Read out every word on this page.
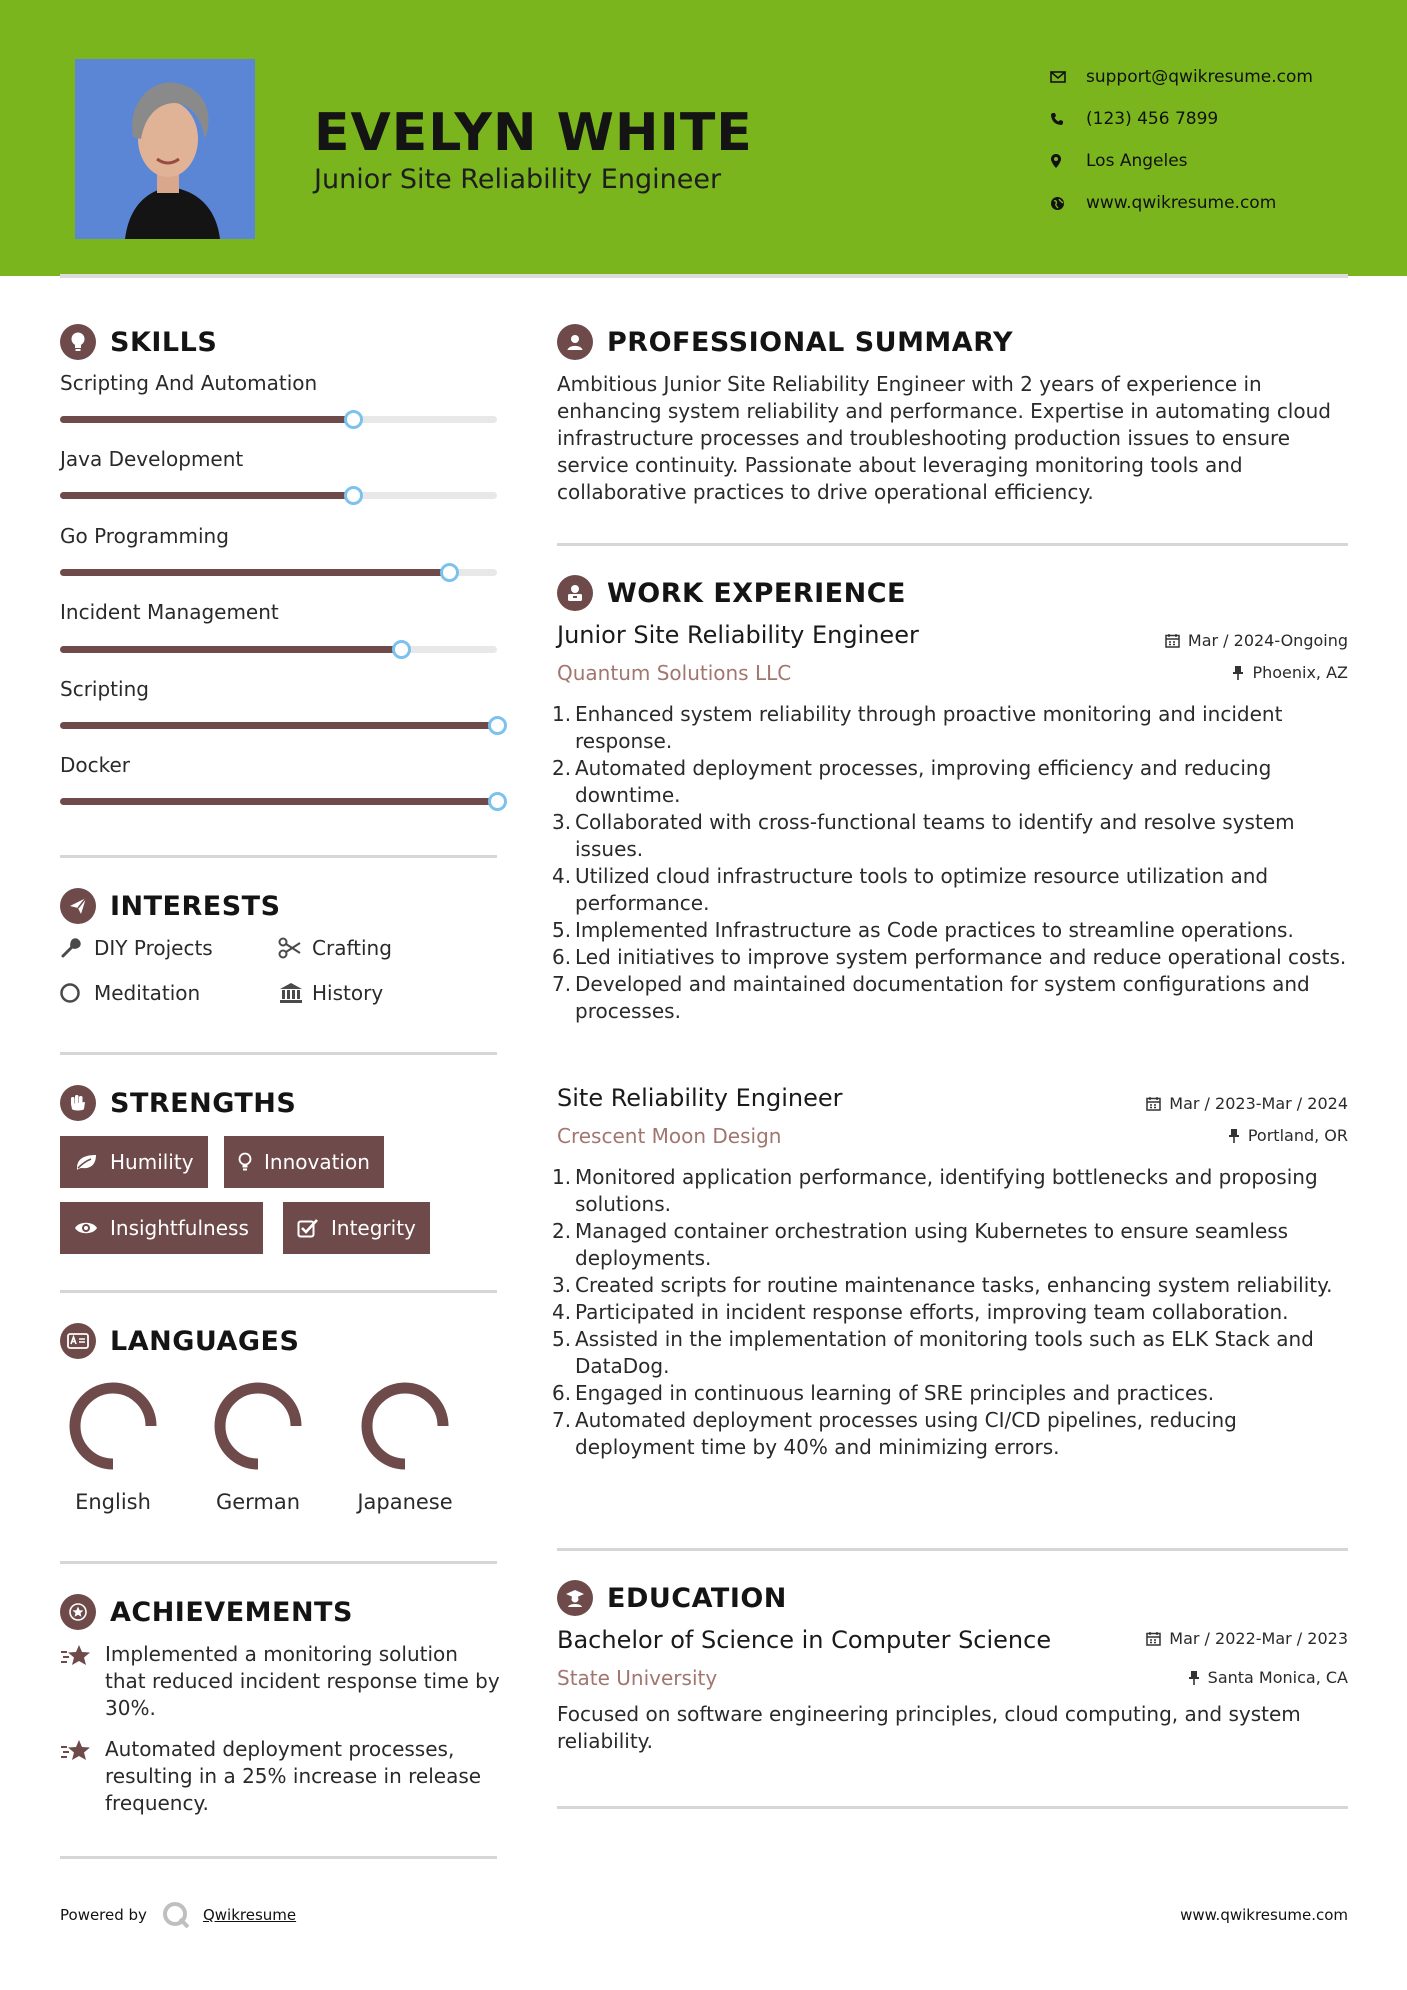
EVELYN WHITE
Junior Site Reliability Engineer
support@qwikresume.com
(123) 456 7899
Los Angeles
www.qwikresume.com
SKILLS
Scripting And Automation
Java Development
Go Programming
Incident Management
Scripting
Docker
INTERESTS
DIY Projects	Crafting
Meditation	History
STRENGTHS
Humility	Innovation
Insightfulness	Integrity
LANGUAGES
English	German	Japanese
ACHIEVEMENTS
Implemented a monitoring solution that reduced incident response time by 30%.
Automated deployment processes, resulting in a 25% increase in release frequency.
PROFESSIONAL SUMMARY
Ambitious Junior Site Reliability Engineer with 2 years of experience in enhancing system reliability and performance. Expertise in automating cloud infrastructure processes and troubleshooting production issues to ensure service continuity. Passionate about leveraging monitoring tools and collaborative practices to drive operational efficiency.
WORK EXPERIENCE
Junior Site Reliability Engineer	Mar / 2024-Ongoing
Quantum Solutions LLC	Phoenix, AZ
1. Enhanced system reliability through proactive monitoring and incident response.
2. Automated deployment processes, improving efficiency and reducing downtime.
3. Collaborated with cross-functional teams to identify and resolve system issues.
4. Utilized cloud infrastructure tools to optimize resource utilization and performance.
5. Implemented Infrastructure as Code practices to streamline operations.
6. Led initiatives to improve system performance and reduce operational costs.
7. Developed and maintained documentation for system configurations and processes.
Site Reliability Engineer	Mar / 2023-Mar / 2024
Crescent Moon Design	Portland, OR
1. Monitored application performance, identifying bottlenecks and proposing solutions.
2. Managed container orchestration using Kubernetes to ensure seamless deployments.
3. Created scripts for routine maintenance tasks, enhancing system reliability.
4. Participated in incident response efforts, improving team collaboration.
5. Assisted in the implementation of monitoring tools such as ELK Stack and DataDog.
6. Engaged in continuous learning of SRE principles and practices.
7. Automated deployment processes using CI/CD pipelines, reducing deployment time by 40% and minimizing errors.
EDUCATION
Bachelor of Science in Computer Science	Mar / 2022-Mar / 2023
State University	Santa Monica, CA
Focused on software engineering principles, cloud computing, and system reliability.
Powered by	Qwikresume	www.qwikresume.com
